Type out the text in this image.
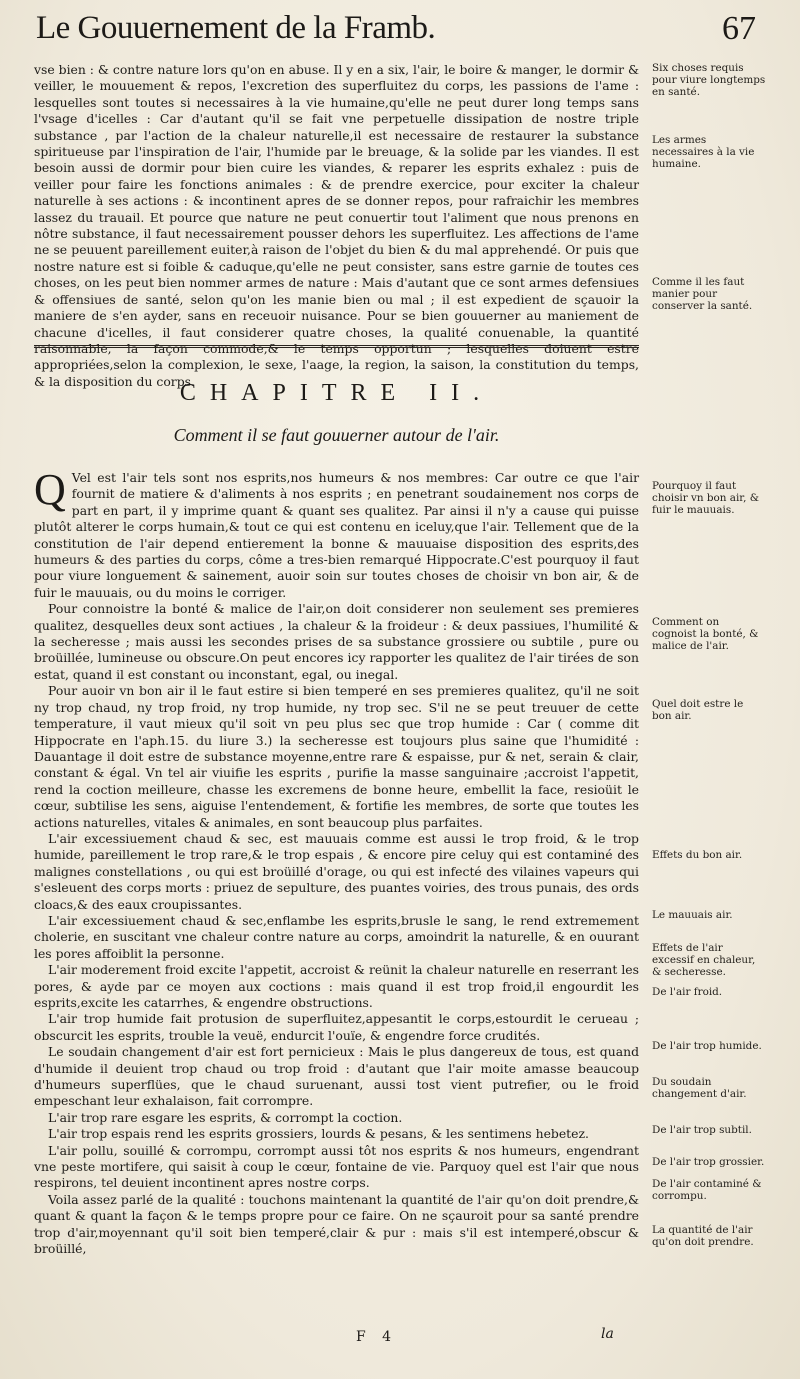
Le Gouuernement de la Framb.	67

vse bien : & contre nature lors qu'on en abuse. Il y en a six, l'air, le boire & manger, le dormir & veiller, le mouuement & repos, l'excretion des superfluitez du corps, les passions de l'ame : lesquelles sont toutes si necessaires à la vie humaine,qu'elle ne peut durer long temps sans l'vsage d'icelles : Car d'autant qu'il se fait vne perpetuelle dissipation de nostre triple substance , par l'action de la chaleur naturelle,il est necessaire de restaurer la substance spiritueuse par l'inspiration de l'air, l'humide par le breuage, & la solide par les viandes. Il est besoin aussi de dormir pour bien cuire les viandes, & reparer les esprits exhalez : puis de veiller pour faire les fonctions animales : & de prendre exercice, pour exciter la chaleur naturelle à ses actions : & incontinent apres de se donner repos, pour rafraichir les membres lassez du trauail. Et pource que nature ne peut conuertir tout l'aliment que nous prenons en nôtre substance, il faut necessairement pousser dehors les superfluitez. Les affections de l'ame ne se peuuent pareillement euiter,à raison de l'objet du bien & du mal apprehendé. Or puis que nostre nature est si foible & caduque,qu'elle ne peut consister, sans estre garnie de toutes ces choses, on les peut bien nommer armes de nature : Mais d'autant que ce sont armes defensiues & offensiues de santé, selon qu'on les manie bien ou mal ; il est expedient de sçauoir la maniere de s'en ayder, sans en receuoir nuisance. Pour se bien gouuerner au maniement de chacune d'icelles, il faut considerer quatre choses, la qualité conuenable, la quantité raisonnable, la façon commode,& le temps opportun ; lesquelles doiuent estre appropriées,selon la complexion, le sexe, l'aage, la region, la saison, la constitution du temps, & la disposition du corps.

CHAPITRE II.
Comment il se faut gouuerner autour de l'air.

Q Vel est l'air tels sont nos esprits,nos humeurs & nos membres: Car outre ce que l'air fournit de matiere & d'aliments à nos esprits ; en penetrant soudainement nos corps de part en part, il y imprime quant & quant ses qualitez. Par ainsi il n'y a cause qui puisse plutôt alterer le corps humain,& tout ce qui est contenu en iceluy,que l'air. Tellement que de la constitution de l'air depend entierement la bonne & mauuaise disposition des esprits,des humeurs & des parties du corps, côme a tres-bien remarqué Hippocrate.C'est pourquoy il faut pour viure longuement & sainement, auoir soin sur toutes choses de choisir vn bon air, & de fuir le mauuais, ou du moins le corriger.

Pour connoistre la bonté & malice de l'air,on doit considerer non seulement ses premieres qualitez, desquelles deux sont actiues , la chaleur & la froideur : & deux passiues, l'humilité & la secheresse ; mais aussi les secondes prises de sa substance grossiere ou subtile , pure ou broüillée, lumineuse ou obscure.On peut encores icy rapporter les qualitez de l'air tirées de son estat, quand il est constant ou inconstant, egal, ou inegal.

Pour auoir vn bon air il le faut estire si bien temperé en ses premieres qualitez, qu'il ne soit ny trop chaud, ny trop froid, ny trop humide, ny trop sec. S'il ne se peut treuuer de cette temperature, il vaut mieux qu'il soit vn peu plus sec que trop humide : Car ( comme dit Hippocrate en l'aph.15. du liure 3.) la secheresse est toujours plus saine que l'humidité : Dauantage il doit estre de substance moyenne,entre rare & espaisse, pur & net, serain & clair, constant & égal. Vn tel air viuifie les esprits , purifie la masse sanguinaire ;accroist l'appetit, rend la coction meilleure, chasse les excremens de bonne heure, embellit la face, resioüit le cœur, subtilise les sens, aiguise l'entendement, & fortifie les membres, de sorte que toutes les actions naturelles, vitales & animales, en sont beaucoup plus parfaites.

L'air excessiuement chaud & sec, est mauuais comme est aussi le trop froid, & le trop humide, pareillement le trop rare,& le trop espais , & encore pire celuy qui est contaminé des malignes constellations , ou qui est broüillé d'orage, ou qui est infecté des vilaines vapeurs qui s'esleuent des corps morts : priuez de sepulture, des puantes voiries, des trous punais, des ords cloacs,& des eaux croupissantes.

L'air excessiuement chaud & sec,enflambe les esprits,brusle le sang, le rend extremement cholerie, en suscitant vne chaleur contre nature au corps, amoindrit la naturelle, & en ouurant les pores affoiblit la personne.

L'air moderement froid excite l'appetit, accroist & reünit la chaleur naturelle en reserrant les pores, & ayde par ce moyen aux coctions : mais quand il est trop froid,il engourdit les esprits,excite les catarrhes, & engendre obstructions.

L'air trop humide fait protusion de superfluitez,appesantit le corps,estourdit le cerueau ; obscurcit les esprits, trouble la veuë, endurcit l'ouïe, & engendre force crudités.

Le soudain changement d'air est fort pernicieux : Mais le plus dangereux de tous, est quand d'humide il deuient trop chaud ou trop froid : d'autant que l'air moite amasse beaucoup d'humeurs superflües, que le chaud suruenant, aussi tost vient putrefier, ou le froid empeschant leur exhalaison, fait corrompre.

L'air trop rare esgare les esprits, & corrompt la coction.

L'air trop espais rend les esprits grossiers, lourds & pesans, & les sentimens hebetez.

L'air pollu, souillé & corrompu, corrompt aussi tôt nos esprits & nos humeurs, engendrant vne peste mortifere, qui saisit à coup le cœur, fontaine de vie. Parquoy quel est l'air que nous respirons, tel deuient incontinent apres nostre corps.

Voila assez parlé de la qualité : touchons maintenant la quantité de l'air qu'on doit prendre,& quant & quant la façon & le temps propre pour ce faire. On ne sçauroit pour sa santé prendre trop d'air,moyennant qu'il soit bien temperé,clair & pur : mais s'il est intemperé,obscur & broüillé,

Six choses requis pour viure longtemps en santé.
Les armes necessaires à la vie humaine.
Comme il les faut manier pour conserver la santé.
Pourquoy il faut choisir vn bon air, & fuir le mauuais.
Comment on cognoist la bonté, & malice de l'air.
Quel doit estre le bon air.
Effets du bon air.
Le mauuais air.
Effets de l'air excessif en chaleur, & secheresse.
De l'air froid.
De l'air trop humide.
Du soudain changement d'air.
De l'air trop subtil.
De l'air trop grossier.
De l'air contaminé & corrompu.
La quantité de l'air qu'on doit prendre.
F 4	la
